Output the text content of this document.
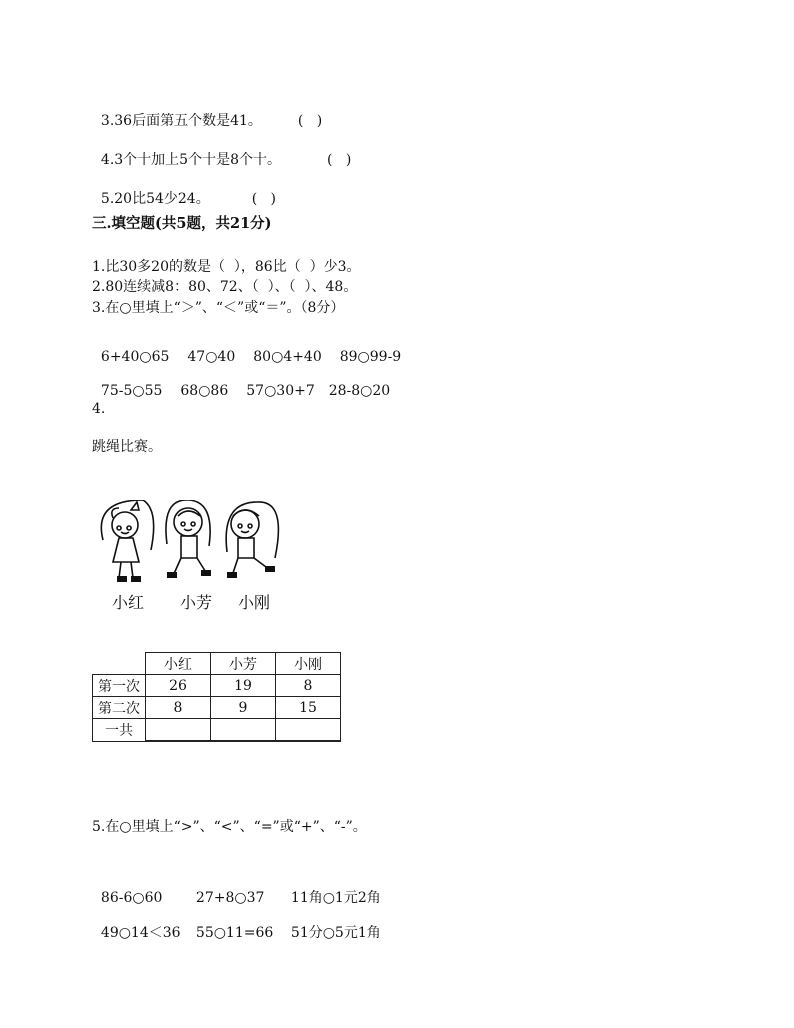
3.36后面第五个数是41。	(   )

4.3个十加上5个十是8个十。	(   )

5.20比54少24。	(   )

三.填空题(共5题，共21分)
1.比30多20的数是（  ），86比（  ）少3。
2.80连续减8：80、72、（  ）、（  ）、48。
3.在○里填上“＞”、“＜”或“＝”。（8分）

6+40○65 47○40 80○4+40 89○99-9

75-5○55 68○86 57○30+7 28-8○20

4.
跳绳比赛。
小红 小芳 小刚
	小红	小芳	小刚
第一次	26	19	8
第二次	8	9	15
一共			
5.在○里填上“>”、“<”、“=”或“+”、“-”。

86-6○60 27+8○37 11角○1元2角

49○14＜36 55○11=66 51分○5元1角
